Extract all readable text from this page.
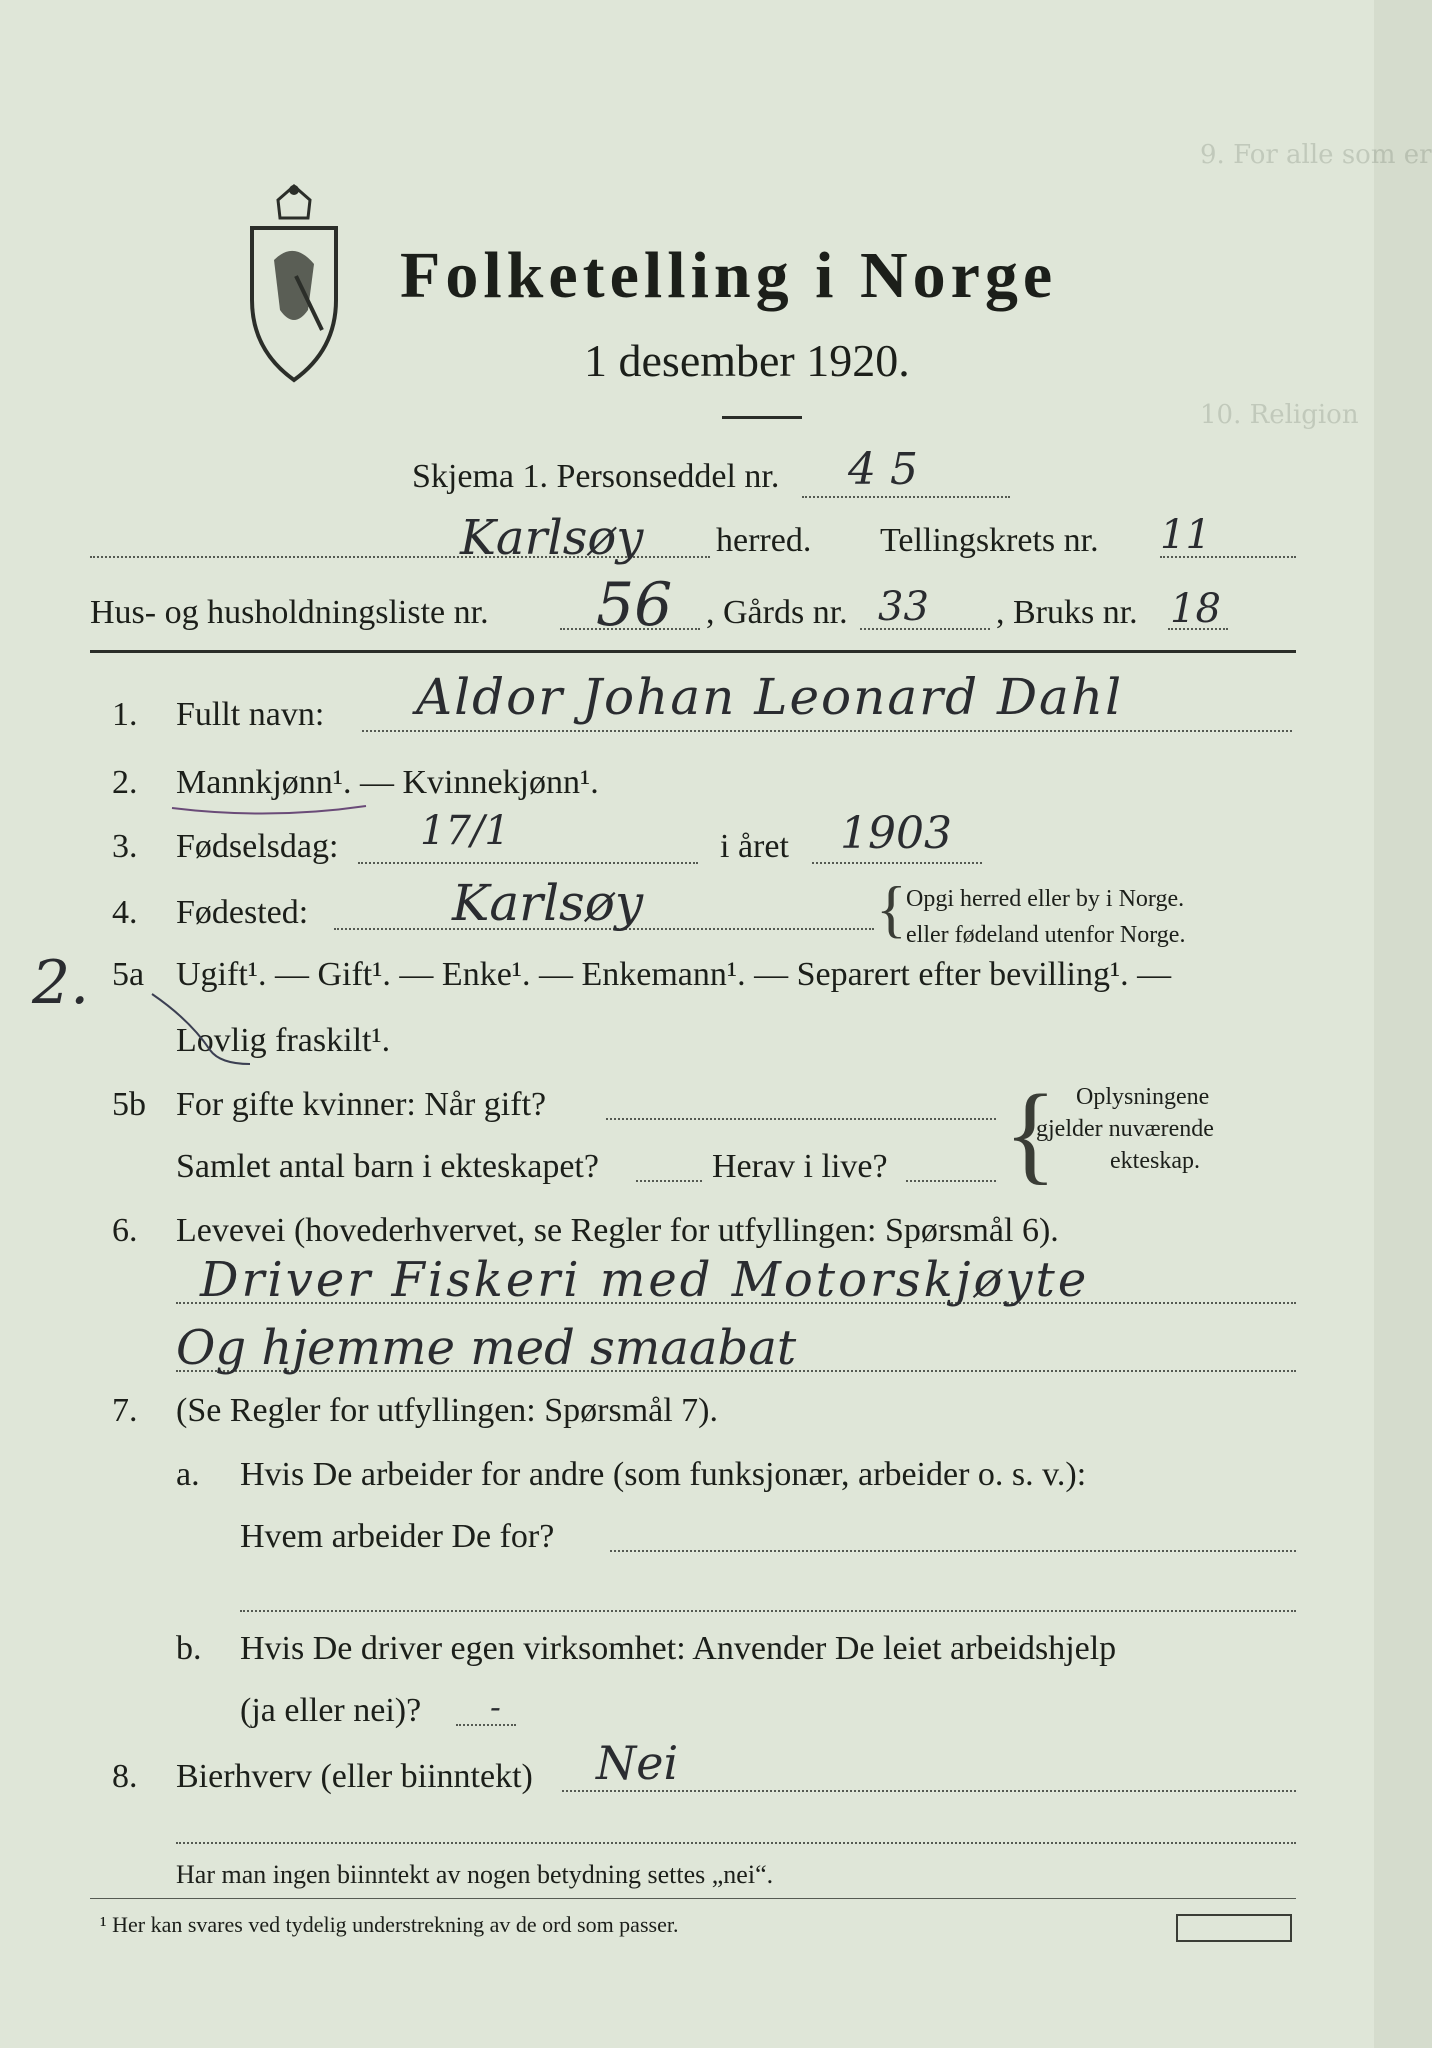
9. For alle som er
10. Religion
Folketelling i Norge
1 desember 1920.
Skjema 1. Personseddel nr. 4 5
Karlsøy herred. Tellingskrets nr. 11
Hus- og husholdningsliste nr. 56 , Gårds nr. 33 , Bruks nr. 18
1. Fullt navn: Aldor Johan Leonard Dahl
2. Mannkjønn¹. — Kvinnekjønn¹.
3. Fødselsdag: 17/1	i året 1903
4. Fødested:	Karlsøy	{ Opgi herred eller by i Norge.
eller fødeland utenfor Norge.
2. 5a Ugift¹. — Gift¹. — Enke¹. — Enkemann¹. — Separert efter bevilling¹. —
Lovlig fraskilt¹.
5b For gifte kvinner: Når gift?
Samlet antal barn i ekteskapet?	Herav i live? { Oplysningene
gjelder nuværende
ekteskap.
6. Levevei (hovederhvervet, se Regler for utfyllingen: Spørsmål 6).
Driver Fiskeri med Motorskjøyte
Og hjemme med smaabat
7. (Se Regler for utfyllingen: Spørsmål 7).
a. Hvis De arbeider for andre (som funksjonær, arbeider o. s. v.):
Hvem arbeider De for?
b. Hvis De driver egen virksomhet: Anvender De leiet arbeidshjelp
(ja eller nei)? -
8. Bierhverv (eller biinntekt) Nei
Har man ingen biinntekt av nogen betydning settes „nei“.
¹ Her kan svares ved tydelig understrekning av de ord som passer.
